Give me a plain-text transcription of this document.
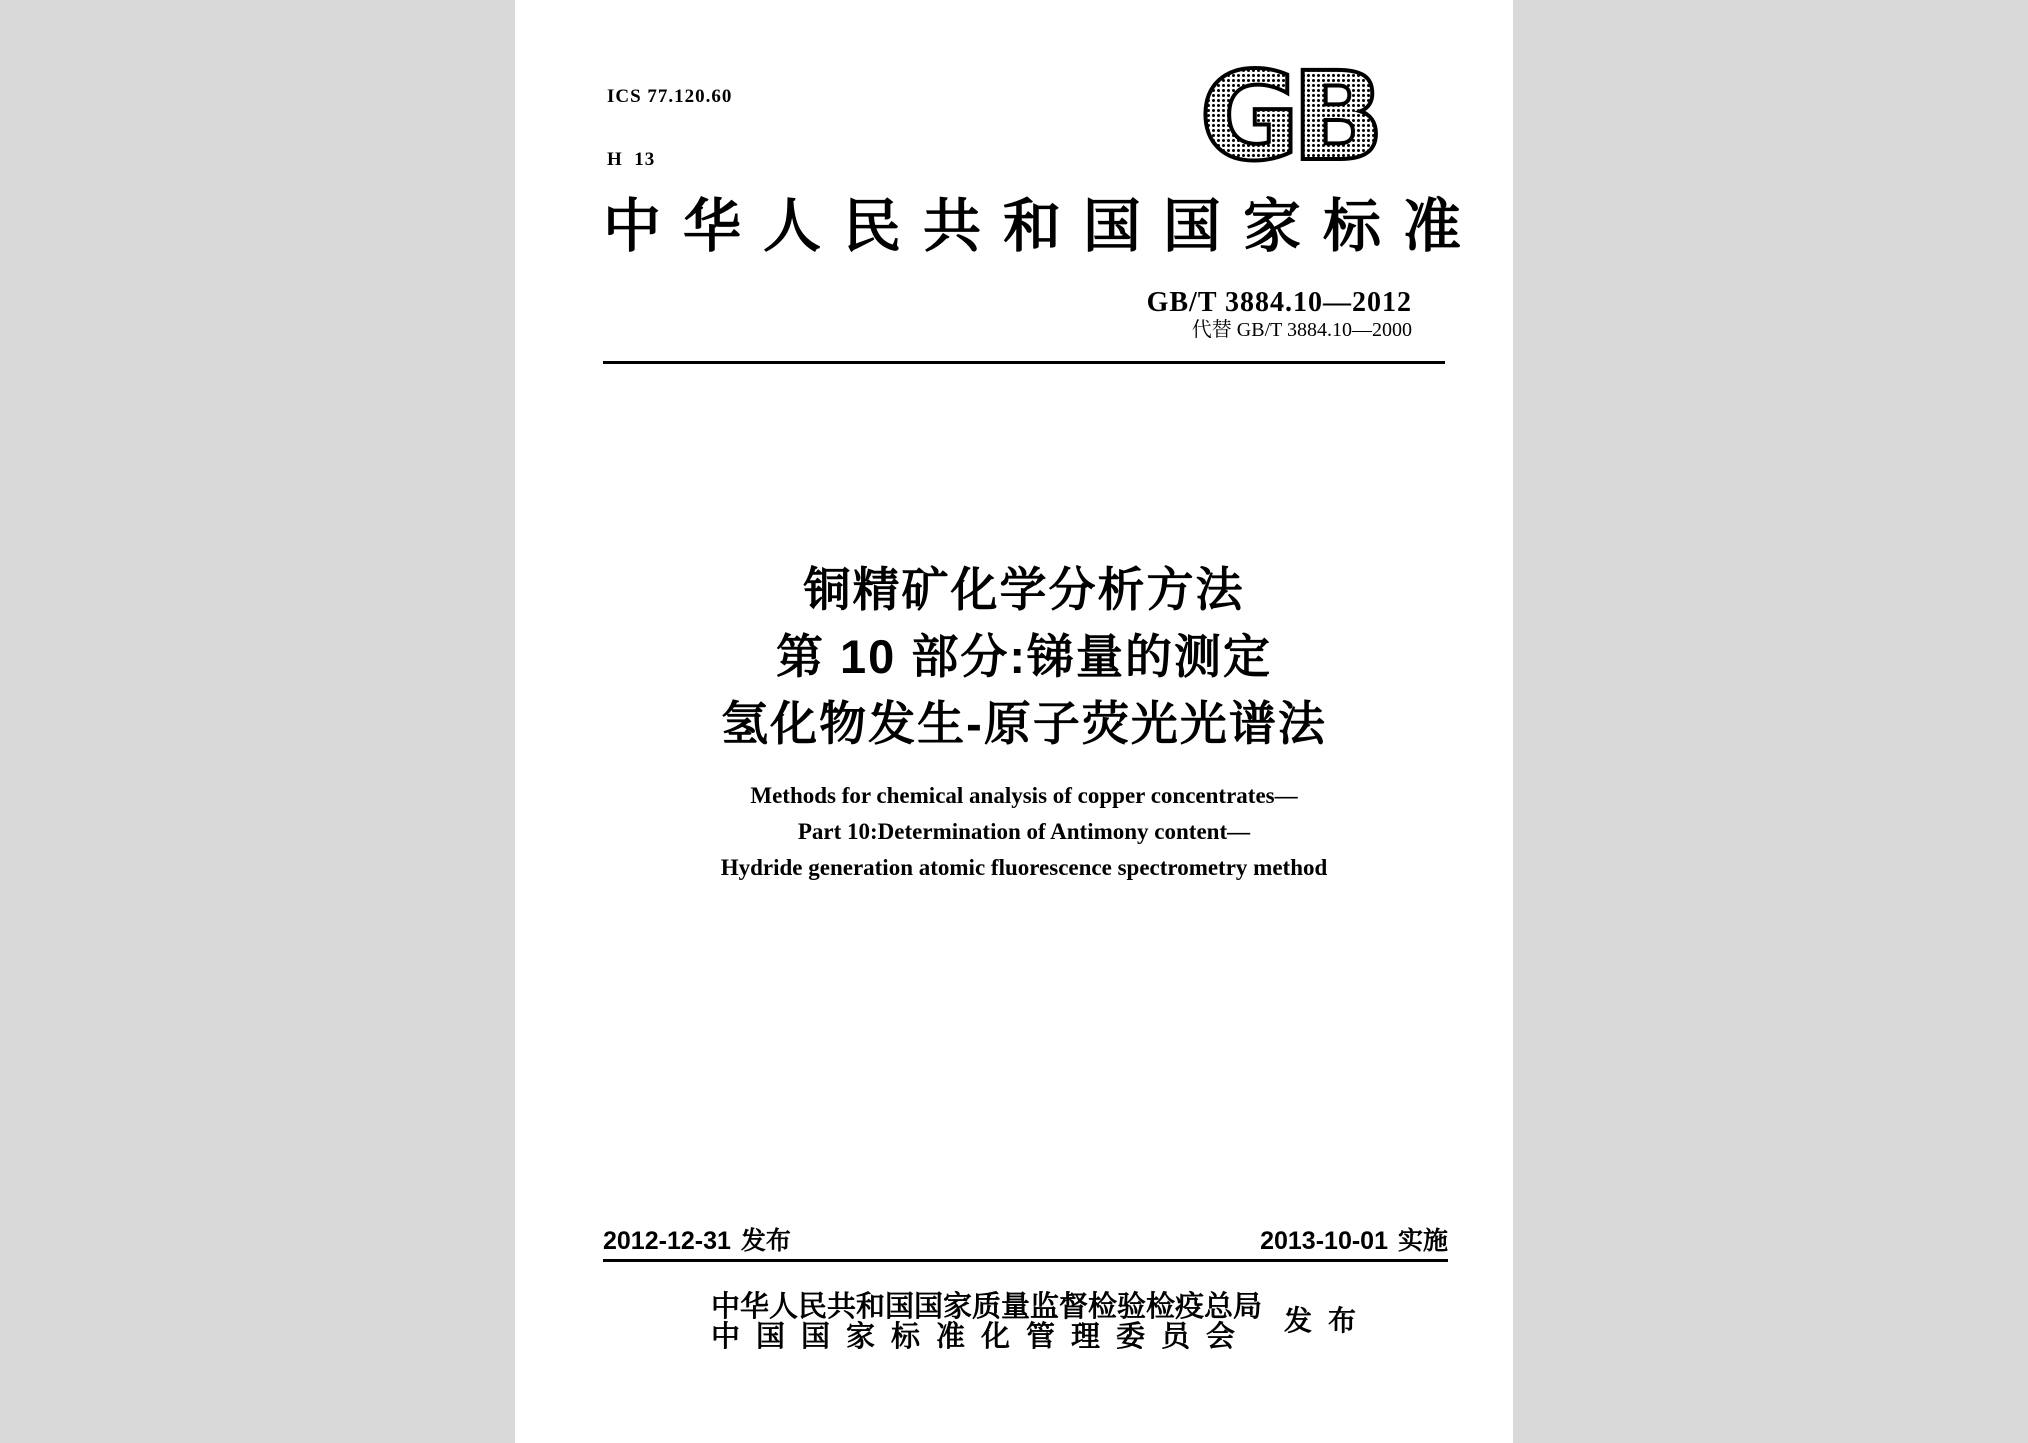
ICS 77.120.60

H  13

	GB
中华人民共和国国家标准
GB/T 3884.10—2012
代替 GB/T 3884.10—2000
铜精矿化学分析方法
第 10 部分:锑量的测定
氢化物发生-原子荧光光谱法
Methods for chemical analysis of copper concentrates—
Part 10:Determination of Antimony content—
Hydride generation atomic fluorescence spectrometry method
2012-12-31 发布	2013-10-01 实施
中华人民共和国国家质量监督检验检疫总局
中国国家标准化管理委员会	发布
